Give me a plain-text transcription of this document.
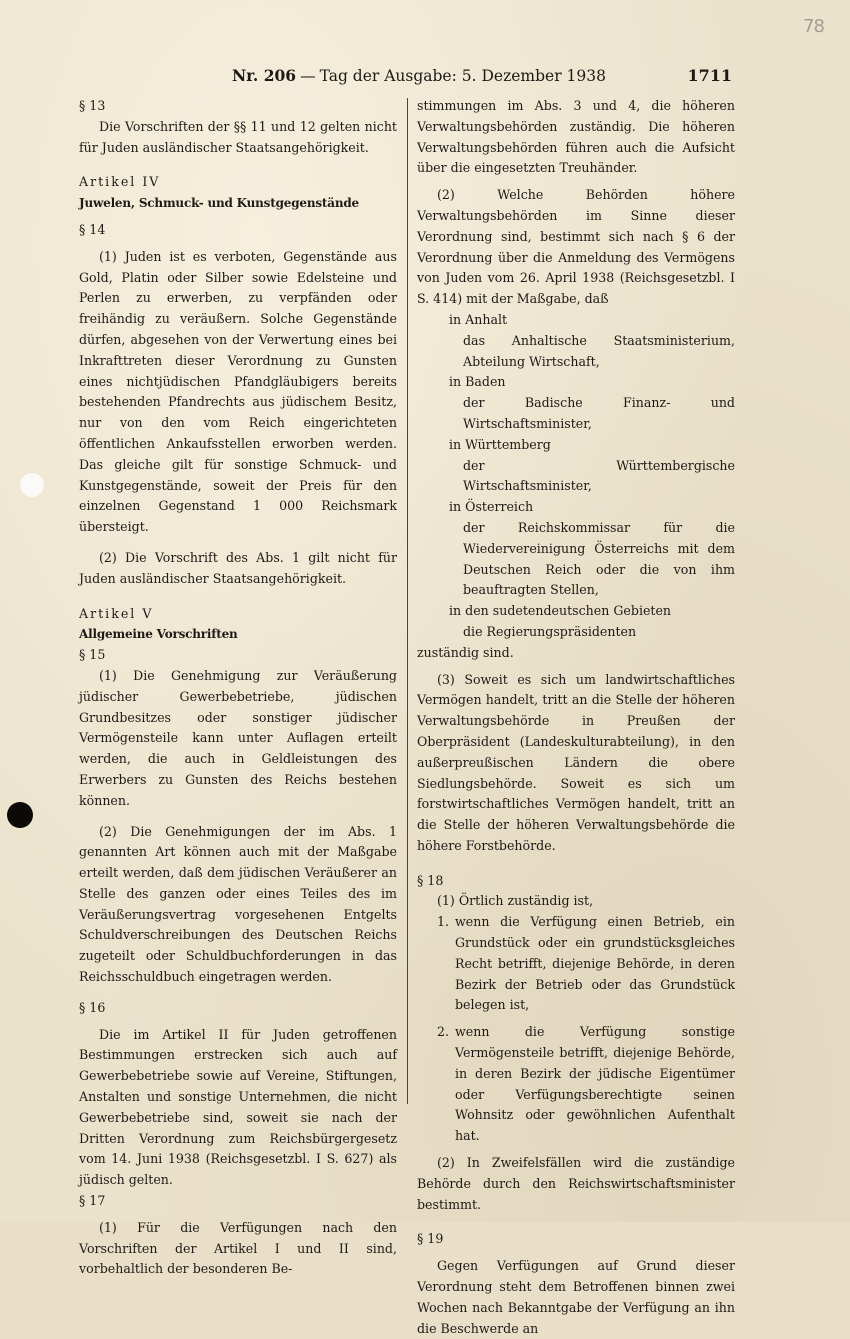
78
Nr. 206 — Tag der Ausgabe: 5. Dezember 1938	1711

§ 13

Die Vorschriften der §§ 11 und 12 gelten nicht für Juden ausländischer Staatsangehörigkeit.

Artikel IV

Juwelen, Schmuck- und Kunstgegenstände

§ 14

(1) Juden ist es verboten, Gegenstände aus Gold, Platin oder Silber sowie Edelsteine und Perlen zu erwerben, zu verpfänden oder freihändig zu veräußern. Solche Gegenstände dürfen, abgesehen von der Verwertung eines bei Inkrafttreten dieser Verordnung zu Gunsten eines nichtjüdischen Pfandgläubigers bereits bestehenden Pfandrechts aus jüdischem Besitz, nur von den vom Reich eingerichteten öffentlichen Ankaufsstellen erworben werden. Das gleiche gilt für sonstige Schmuck- und Kunstgegenstände, soweit der Preis für den einzelnen Gegenstand 1 000 Reichsmark übersteigt.

(2) Die Vorschrift des Abs. 1 gilt nicht für Juden ausländischer Staatsangehörigkeit.

Artikel V

Allgemeine Vorschriften

§ 15

(1) Die Genehmigung zur Veräußerung jüdischer Gewerbebetriebe, jüdischen Grundbesitzes oder sonstiger jüdischer Vermögensteile kann unter Auflagen erteilt werden, die auch in Geldleistungen des Erwerbers zu Gunsten des Reichs bestehen können.

(2) Die Genehmigungen der im Abs. 1 genannten Art können auch mit der Maßgabe erteilt werden, daß dem jüdischen Veräußerer an Stelle des ganzen oder eines Teiles des im Veräußerungsvertrag vorgesehenen Entgelts Schuldverschreibungen des Deutschen Reichs zugeteilt oder Schuldbuchforderungen in das Reichsschuldbuch eingetragen werden.

§ 16

Die im Artikel II für Juden getroffenen Bestimmungen erstrecken sich auch auf Gewerbebetriebe sowie auf Vereine, Stiftungen, Anstalten und sonstige Unternehmen, die nicht Gewerbebetriebe sind, soweit sie nach der Dritten Verordnung zum Reichsbürgergesetz vom 14. Juni 1938 (Reichsgesetzbl. I S. 627) als jüdisch gelten.

§ 17

(1) Für die Verfügungen nach den Vorschriften der Artikel I und II sind, vorbehaltlich der besonderen Be-

stimmungen im Abs. 3 und 4, die höheren Verwaltungsbehörden zuständig. Die höheren Verwaltungsbehörden führen auch die Aufsicht über die eingesetzten Treuhänder.

(2) Welche Behörden höhere Verwaltungsbehörden im Sinne dieser Verordnung sind, bestimmt sich nach § 6 der Verordnung über die Anmeldung des Vermögens von Juden vom 26. April 1938 (Reichsgesetzbl. I S. 414) mit der Maßgabe, daß

in Anhalt

das Anhaltische Staatsministerium, Abteilung Wirtschaft,

in Baden

der Badische Finanz- und Wirtschaftsminister,

in Württemberg

der Württembergische Wirtschaftsminister,

in Österreich

der Reichskommissar für die Wiedervereinigung Österreichs mit dem Deutschen Reich oder die von ihm beauftragten Stellen,

in den sudetendeutschen Gebieten

die Regierungspräsidenten

zuständig sind.

(3) Soweit es sich um landwirtschaftliches Vermögen handelt, tritt an die Stelle der höheren Verwaltungsbehörde in Preußen der Oberpräsident (Landeskulturabteilung), in den außerpreußischen Ländern die obere Siedlungsbehörde. Soweit es sich um forstwirtschaftliches Vermögen handelt, tritt an die Stelle der höheren Verwaltungsbehörde die höhere Forstbehörde.

§ 18

(1) Örtlich zuständig ist,

1. wenn die Verfügung einen Betrieb, ein Grundstück oder ein grundstücksgleiches Recht betrifft, diejenige Behörde, in deren Bezirk der Betrieb oder das Grundstück belegen ist,
2. wenn die Verfügung sonstige Vermögensteile betrifft, diejenige Behörde, in deren Bezirk der jüdische Eigentümer oder Verfügungsberechtigte seinen Wohnsitz oder gewöhnlichen Aufenthalt hat.

(2) In Zweifelsfällen wird die zuständige Behörde durch den Reichswirtschaftsminister bestimmt.

§ 19

Gegen Verfügungen auf Grund dieser Verordnung steht dem Betroffenen binnen zwei Wochen nach Bekanntgabe der Verfügung an ihn die Beschwerde an
